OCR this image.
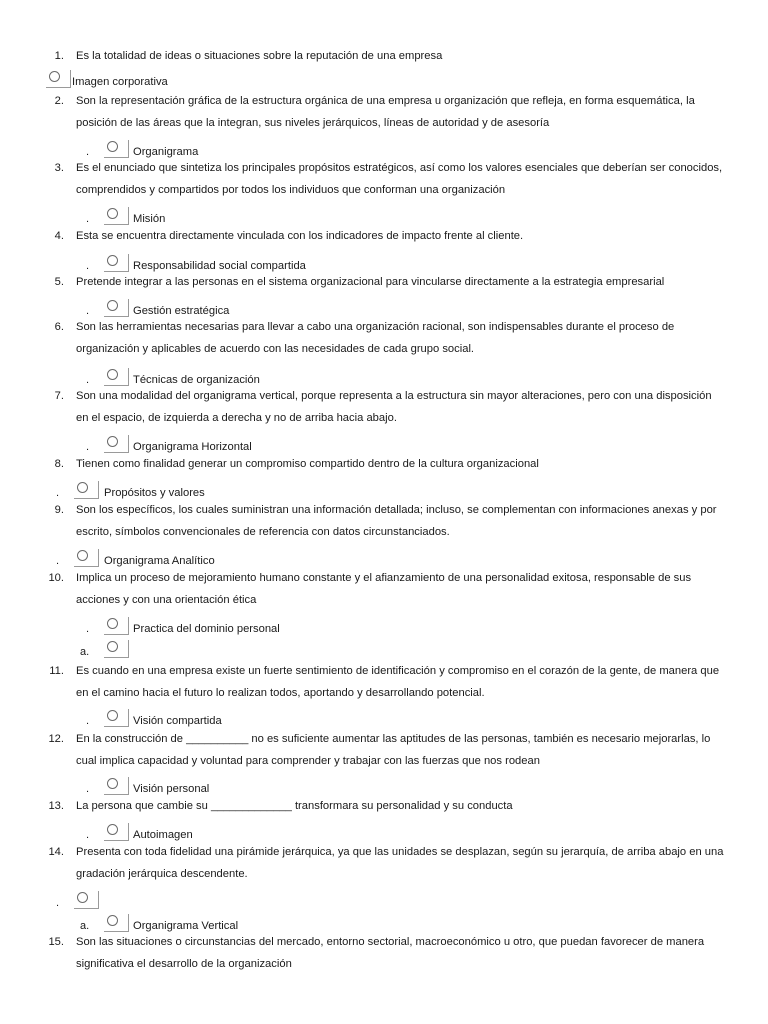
1. Es la totalidad de ideas o situaciones sobre la reputación de una empresa
Imagen corporativa
2. Son la representación gráfica de la estructura orgánica de una empresa u organización que refleja, en forma esquemática, la posición de las áreas que la integran, sus niveles jerárquicos, líneas de autoridad y de asesoría
.	Organigrama
3. Es el enunciado que sintetiza los principales propósitos estratégicos, así como los valores esenciales que deberían ser conocidos, comprendidos y compartidos por todos los individuos que conforman una organización
.	Misión
4. Esta se encuentra directamente vinculada con los indicadores de impacto frente al cliente.
.	Responsabilidad social compartida
5. Pretende integrar a las personas en el sistema organizacional para vincularse directamente a la estrategia empresarial
.	Gestión estratégica
6. Son las herramientas necesarias para llevar a cabo una organización racional, son indispensables durante el proceso de organización y aplicables de acuerdo con las necesidades de cada grupo social.
.	Técnicas de organización
7. Son una modalidad del organigrama vertical, porque representa a la estructura sin mayor alteraciones, pero con una disposición en el espacio, de izquierda a derecha y no de arriba hacia abajo.
.	Organigrama Horizontal
8. Tienen como finalidad generar un compromiso compartido dentro de la cultura organizacional
.	Propósitos y valores
9. Son los específicos, los cuales suministran una información detallada; incluso, se complementan con informaciones anexas y por escrito, símbolos convencionales de referencia con datos circunstanciados.
.	Organigrama Analítico
10. Implica un proceso de mejoramiento humano constante y el afianzamiento de una personalidad exitosa, responsable de sus acciones y con una orientación ética
.	Practica del dominio personal
a.
11. Es cuando en una empresa existe un fuerte sentimiento de identificación y compromiso en el corazón de la gente, de manera que en el camino hacia el futuro lo realizan todos, aportando y desarrollando potencial.
.	Visión compartida
12. En la construcción de __________ no es suficiente aumentar las aptitudes de las personas, también es necesario mejorarlas, lo cual implica capacidad y voluntad para comprender y trabajar con las fuerzas que nos rodean
.	Visión personal
13. La persona que cambie su _____________ transformara su personalidad y su conducta
.	Autoimagen
14. Presenta con toda fidelidad una pirámide jerárquica, ya que las unidades se desplazan, según su jerarquía, de arriba abajo en una gradación jerárquica descendente.
.
a.	Organigrama Vertical
15. Son las situaciones o circunstancias del mercado, entorno sectorial, macroeconómico u otro, que puedan favorecer de manera significativa el desarrollo de la organización
